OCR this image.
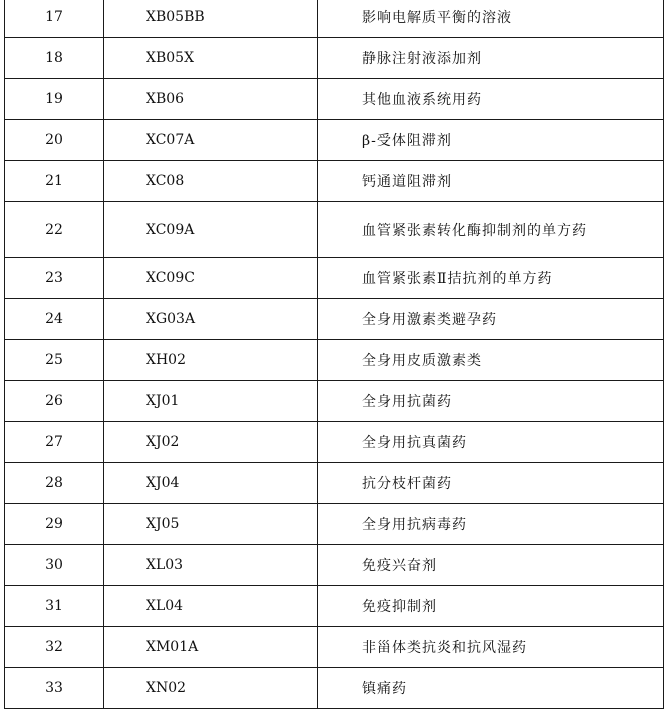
17	XB05BB	影响电解质平衡的溶液
18	XB05X	静脉注射液添加剂
19	XB06	其他血液系统用药
20	XC07A	β-受体阻滞剂
21	XC08	钙通道阻滞剂
22	XC09A	血管紧张素转化酶抑制剂的单方药
23	XC09C	血管紧张素Ⅱ拮抗剂的单方药
24	XG03A	全身用激素类避孕药
25	XH02	全身用皮质激素类
26	XJ01	全身用抗菌药
27	XJ02	全身用抗真菌药
28	XJ04	抗分枝杆菌药
29	XJ05	全身用抗病毒药
30	XL03	免疫兴奋剂
31	XL04	免疫抑制剂
32	XM01A	非甾体类抗炎和抗风湿药
33	XN02	镇痛药
